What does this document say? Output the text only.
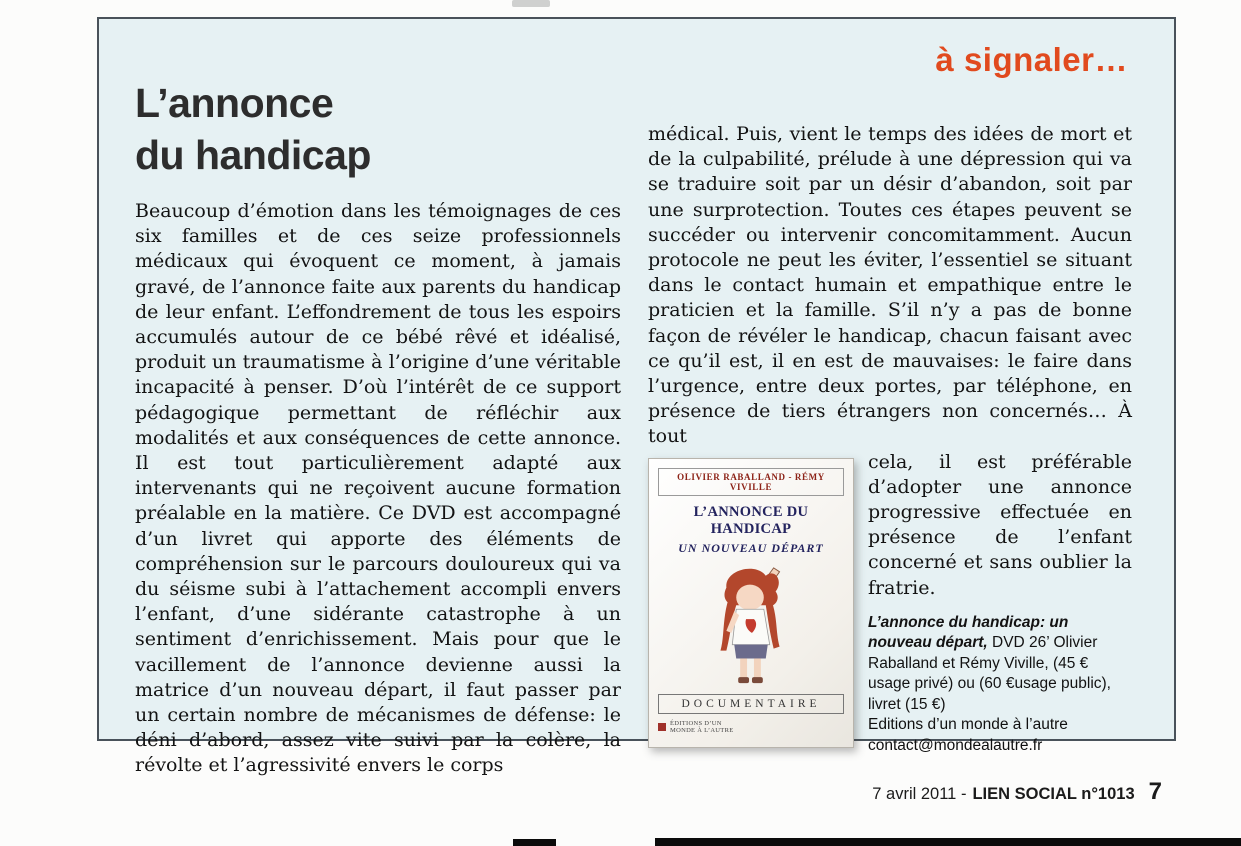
à signaler…
L’annonce
du handicap

Beaucoup d’émotion dans les témoignages de ces six familles et de ces seize professionnels médicaux qui évoquent ce moment, à jamais gravé, de l’annonce faite aux parents du handicap de leur enfant. L’effondrement de tous les espoirs accumulés autour de ce bébé rêvé et idéalisé, produit un traumatisme à l’origine d’une véritable incapacité à penser. D’où l’intérêt de ce support pédagogique permettant de réfléchir aux modalités et aux conséquences de cette annonce. Il est tout particulièrement adapté aux intervenants qui ne reçoivent aucune formation préalable en la matière. Ce DVD est accompagné d’un livret qui apporte des éléments de compréhension sur le parcours douloureux qui va du séisme subi à l’attachement accompli envers l’enfant, d’une sidérante catastrophe à un sentiment d’enrichissement. Mais pour que le vacillement de l’annonce devienne aussi la matrice d’un nouveau départ, il faut passer par un certain nombre de mécanismes de défense: le déni d’abord, assez vite suivi par la colère, la révolte et l’agressivité envers le corps

médical. Puis, vient le temps des idées de mort et de la culpabilité, prélude à une dépression qui va se traduire soit par un désir d’abandon, soit par une surprotection. Toutes ces étapes peuvent se succéder ou intervenir concomitamment. Aucun protocole ne peut les éviter, l’essentiel se situant dans le contact humain et empathique entre le praticien et la famille. S’il n’y a pas de bonne façon de révéler le handicap, chacun faisant avec ce qu’il est, il en est de mauvaises: le faire dans l’urgence, entre deux portes, par téléphone, en présence de tiers étrangers non concernés… À tout

OLIVIER RABALLAND - RÉMY VIVILLE
L’ANNONCE DU HANDICAP
UN NOUVEAU DÉPART
DOCUMENTAIRE
ÉDITIONS D’UN MONDE À L’AUTRE

cela, il est préférable d’adopter une annonce progressive effectuée en présence de l’enfant concerné et sans oublier la fratrie.

L’annonce du handicap: un nouveau départ, DVD 26’ Olivier Raballand et Rémy Viville, (45 € usage privé) ou (60 €usage public), livret (15 €)

Editions d’un monde à l’autre
contact@mondealautre.fr
7 avril 2011 - LIEN SOCIAL n°1013 7
